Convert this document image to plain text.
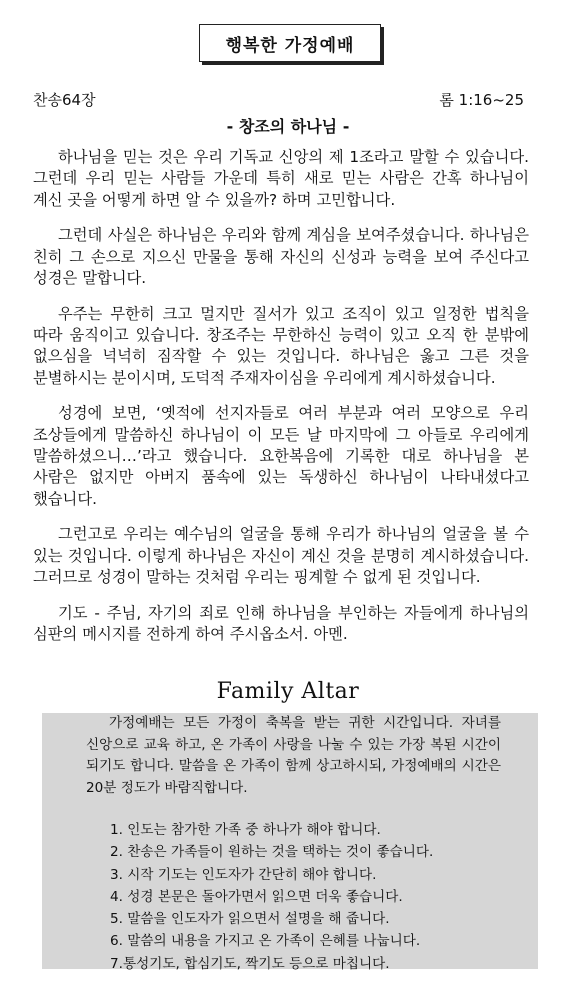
행복한 가정예배
찬송64장	롬 1:16~25
- 창조의 하나님 -

하나님을 믿는 것은 우리 기독교 신앙의 제 1조라고 말할 수 있습니다. 그런데 우리 믿는 사람들 가운데 특히 새로 믿는 사람은 간혹 하나님이 계신 곳을 어떻게 하면 알 수 있을까? 하며 고민합니다.

그런데 사실은 하나님은 우리와 함께 계심을 보여주셨습니다. 하나님은 친히 그 손으로 지으신 만물을 통해 자신의 신성과 능력을 보여 주신다고 성경은 말합니다.

우주는 무한히 크고 멀지만 질서가 있고 조직이 있고 일정한 법칙을 따라 움직이고 있습니다. 창조주는 무한하신 능력이 있고 오직 한 분밖에 없으심을 넉넉히 짐작할 수 있는 것입니다. 하나님은 옳고 그른 것을 분별하시는 분이시며, 도덕적 주재자이심을 우리에게 계시하셨습니다.

성경에 보면, ‘옛적에 선지자들로 여러 부분과 여러 모양으로 우리 조상들에게 말씀하신 하나님이 이 모든 날 마지막에 그 아들로 우리에게 말씀하셨으니…’라고 했습니다. 요한복음에 기록한 대로 하나님을 본 사람은 없지만 아버지 품속에 있는 독생하신 하나님이 나타내셨다고 했습니다.

그런고로 우리는 예수님의 얼굴을 통해 우리가 하나님의 얼굴을 볼 수 있는 것입니다. 이렇게 하나님은 자신이 계신 것을 분명히 계시하셨습니다. 그러므로 성경이 말하는 것처럼 우리는 핑계할 수 없게 된 것입니다.

기도 - 주님, 자기의 죄로 인해 하나님을 부인하는 자들에게 하나님의 심판의 메시지를 전하게 하여 주시옵소서. 아멘.

Family Altar

가정예배는 모든 가정이 축복을 받는 귀한 시간입니다. 자녀를 신앙으로 교육 하고, 온 가족이 사랑을 나눌 수 있는 가장 복된 시간이 되기도 합니다. 말씀을 온 가족이 함께 상고하시되, 가정예배의 시간은 20분 정도가 바람직합니다.

1. 인도는 참가한 가족 중 하나가 해야 합니다.
2. 찬송은 가족들이 원하는 것을 택하는 것이 좋습니다.
3. 시작 기도는 인도자가 간단히 해야 합니다.
4. 성경 본문은 돌아가면서 읽으면 더욱 좋습니다.
5. 말씀을 인도자가 읽으면서 설명을 해 줍니다.
6. 말씀의 내용을 가지고 온 가족이 은혜를 나눕니다.
7.통성기도, 합심기도, 짝기도 등으로 마칩니다.
